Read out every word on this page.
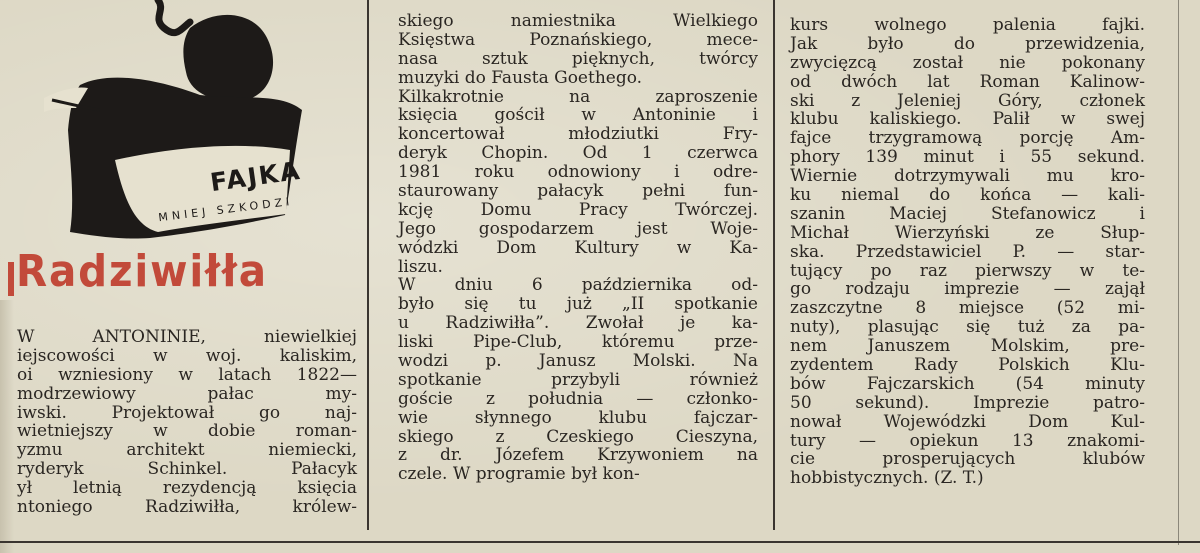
FAJKA
MNIEJ SZKODZI
Radziwiłła
W ANTONINIE, niewielkiej
iejscowości w woj. kaliskim,
oi wzniesiony w latach 1822—
modrzewiowy pałac my-
iwski. Projektował go naj-
wietniejszy w dobie roman-
yzmu architekt niemiecki,
ryderyk Schinkel. Pałacyk
ył letnią rezydencją księcia
ntoniego Radziwiłła, królew-
skiego namiestnika Wielkiego
Księstwa Poznańskiego, mece-
nasa sztuk pięknych, twórcy
muzyki do Fausta Goethego.
Kilkakrotnie na zaproszenie
księcia gościł w Antoninie i
koncertował młodziutki Fry-
deryk Chopin. Od 1 czerwca
1981 roku odnowiony i odre-
staurowany pałacyk pełni fun-
kcję Domu Pracy Twórczej.
Jego gospodarzem jest Woje-
wódzki Dom Kultury w Ka-
liszu.
W dniu 6 października od-
było się tu już „II spotkanie
u Radziwiłła”. Zwołał je ka-
liski Pipe-Club, któremu prze-
wodzi p. Janusz Molski. Na
spotkanie przybyli również
goście z południa — członko-
wie słynnego klubu fajczar-
skiego z Czeskiego Cieszyna,
z dr. Józefem Krzywoniem na
czele. W programie był kon-
kurs wolnego palenia fajki.
Jak było do przewidzenia,
zwycięzcą został nie pokonany
od dwóch lat Roman Kalinow-
ski z Jeleniej Góry, członek
klubu kaliskiego. Palił w swej
fajce trzygramową porcję Am-
phory 139 minut i 55 sekund.
Wiernie dotrzymywali mu kro-
ku niemal do końca — kali-
szanin Maciej Stefanowicz i
Michał Wierzyński ze Słup-
ska. Przedstawiciel P. — star-
tujący po raz pierwszy w te-
go rodzaju imprezie — zajął
zaszczytne 8 miejsce (52 mi-
nuty), plasując się tuż za pa-
nem Januszem Molskim, pre-
zydentem Rady Polskich Klu-
bów Fajczarskich (54 minuty
50 sekund). Imprezie patro-
nował Wojewódzki Dom Kul-
tury — opiekun 13 znakomi-
cie prosperujących klubów
hobbistycznych. (Z. T.)
